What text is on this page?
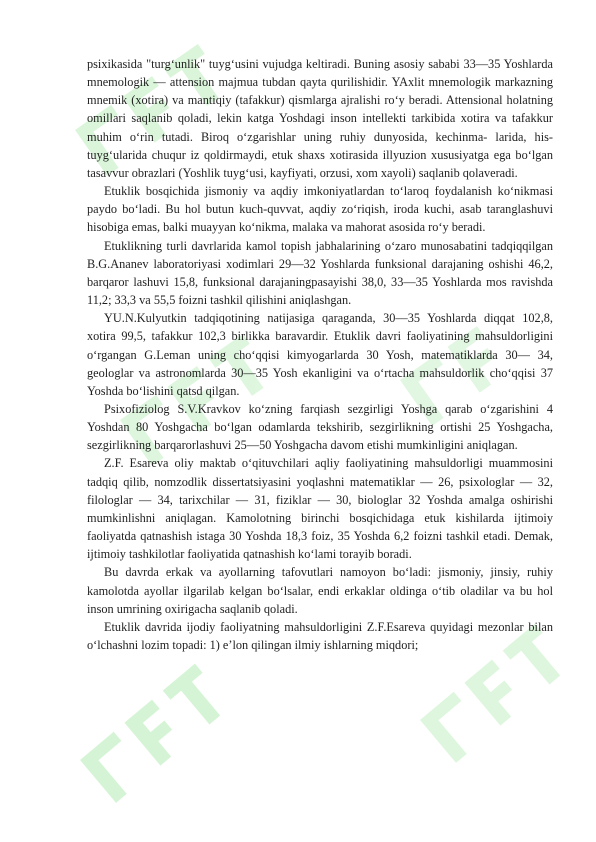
psixikasida "turg‘unlik" tuyg‘usini vujudga keltiradi. Buning asosiy sababi 33—35 Yoshlarda mnemologik — attension majmua tubdan qayta qurilishidir. YAxlit mnemologik markazning mnemik (xotira) va mantiqiy (tafakkur) qismlarga ajralishi ro‘y beradi. Attensional holatning omillari saqlanib qoladi, lekin katga Yoshdagi inson intellekti tarkibida xotira va tafakkur muhim o‘rin tutadi. Biroq o‘zgarishlar uning ruhiy dunyosida, kechinma- larida, his-tuyg‘ularida chuqur iz qoldirmaydi, etuk shaxs xotirasida illyuzion xususiyatga ega bo‘lgan tasavvur obrazlari (Yoshlik tuyg‘usi, kayfiyati, orzusi, xom xayoli) saqlanib qolaveradi.

Etuklik bosqichida jismoniy va aqdiy imkoniyatlardan to‘laroq foydalanish ko‘nikmasi paydo bo‘ladi. Bu hol butun kuch-quvvat, aqdiy zo‘riqish, iroda kuchi, asab taranglashuvi hisobiga emas, balki muayyan ko‘nikma, malaka va mahorat asosida ro‘y beradi.

Etuklikning turli davrlarida kamol topish jabhalarining o‘zaro munosabatini tadqiqqilgan B.G.Ananev laboratoriyasi xodimlari 29—32 Yoshlarda funksional darajaning oshishi 46,2, barqaror lashuvi 15,8, funksional darajaningpasayishi 38,0, 33—35 Yoshlarda mos ravishda 11,2; 33,3 va 55,5 foizni tashkil qilishini aniqlashgan.

YU.N.Kulyutkin tadqiqotining natijasiga qaraganda, 30—35 Yoshlarda diqqat 102,8, xotira 99,5, tafakkur 102,3 birlikka baravardir. Etuklik davri faoliyatining mahsuldorligini o‘rgangan G.Leman uning cho‘qqisi kimyogarlarda 30 Yosh, matematiklarda 30— 34, geologlar va astronomlarda 30—35 Yosh ekanligini va o‘rtacha mahsuldorlik cho‘qqisi 37 Yoshda bo‘lishini qatsd qilgan.

Psixofiziolog S.V.Kravkov ko‘zning farqiash sezgirligi Yoshga qarab o‘zgarishini 4 Yoshdan 80 Yoshgacha bo‘lgan odamlarda tekshirib, sezgirlikning ortishi 25 Yoshgacha, sezgirlikning barqarorlashuvi 25—50 Yoshgacha davom etishi mumkinligini aniqlagan.

Z.F. Esareva oliy maktab o‘qituvchilari aqliy faoliyatining mahsuldorligi muammosini tadqiq qilib, nomzodlik dissertatsiyasini yoqlashni matematiklar — 26, psixologlar — 32, filologlar — 34, tarixchilar — 31, fiziklar — 30, biologlar 32 Yoshda amalga oshirishi mumkinlishni aniqlagan. Kamolotning birinchi bosqichidaga etuk kishilarda ijtimoiy faoliyatda qatnashish istaga 30 Yoshda 18,3 foiz, 35 Yoshda 6,2 foizni tashkil etadi. Demak, ijtimoiy tashkilotlar faoliyatida qatnashish ko‘lami torayib boradi.

Bu davrda erkak va ayollarning tafovutlari namoyon bo‘ladi: jismoniy, jinsiy, ruhiy kamolotda ayollar ilgarilab kelgan bo‘lsalar, endi erkaklar oldinga o‘tib oladilar va bu hol inson umrining oxirigacha saqlanib qoladi.

Etuklik davrida ijodiy faoliyatning mahsuldorligini Z.F.Esareva quyidagi mezonlar bilan o‘lchashni lozim topadi: 1) e’lon qilingan ilmiy ishlarning miqdori;
